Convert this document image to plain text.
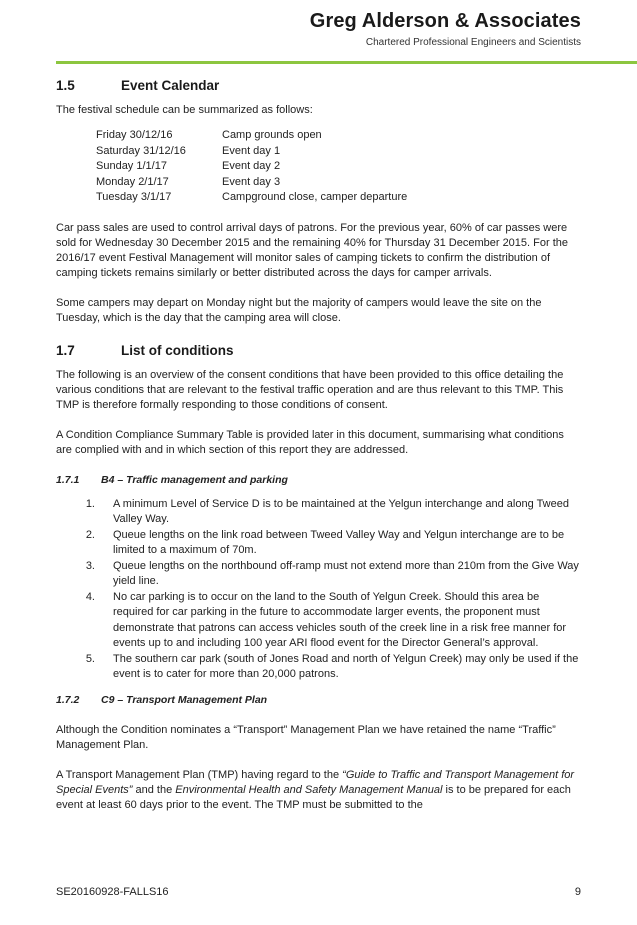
Greg Alderson & Associates
Chartered Professional Engineers and Scientists
1.5	Event Calendar

The festival schedule can be summarized as follows:

Friday 30/12/16	Camp grounds open
Saturday 31/12/16	Event day 1
Sunday 1/1/17	Event day 2
Monday 2/1/17	Event day 3
Tuesday 3/1/17	Campground close, camper departure

Car pass sales are used to control arrival days of patrons. For the previous year, 60% of car passes were sold for Wednesday 30 December 2015 and the remaining 40% for Thursday 31 December 2015. For the 2016/17 event Festival Management will monitor sales of camping tickets to confirm the distribution of camping tickets remains similarly or better distributed across the days for camper arrivals.

Some campers may depart on Monday night but the majority of campers would leave the site on the Tuesday, which is the day that the camping area will close.

1.7	List of conditions

The following is an overview of the consent conditions that have been provided to this office detailing the various conditions that are relevant to the festival traffic operation and are thus relevant to this TMP. This TMP is therefore formally responding to those conditions of consent.

A Condition Compliance Summary Table is provided later in this document, summarising what conditions are complied with and in which section of this report they are addressed.

1.7.1	B4 – Traffic management and parking
1. A minimum Level of Service D is to be maintained at the Yelgun interchange and along Tweed Valley Way.
2. Queue lengths on the link road between Tweed Valley Way and Yelgun interchange are to be limited to a maximum of 70m.
3. Queue lengths on the northbound off-ramp must not extend more than 210m from the Give Way yield line.
4. No car parking is to occur on the land to the South of Yelgun Creek. Should this area be required for car parking in the future to accommodate larger events, the proponent must demonstrate that patrons can access vehicles south of the creek line in a risk free manner for events up to and including 100 year ARI flood event for the Director General’s approval.
5. The southern car park (south of Jones Road and north of Yelgun Creek) may only be used if the event is to cater for more than 20,000 patrons.
1.7.2	C9 – Transport Management Plan

Although the Condition nominates a “Transport” Management Plan we have retained the name “Traffic” Management Plan.

A Transport Management Plan (TMP) having regard to the “Guide to Traffic and Transport Management for Special Events” and the Environmental Health and Safety Management Manual is to be prepared for each event at least 60 days prior to the event. The TMP must be submitted to the

SE20160928-FALLS16	9
